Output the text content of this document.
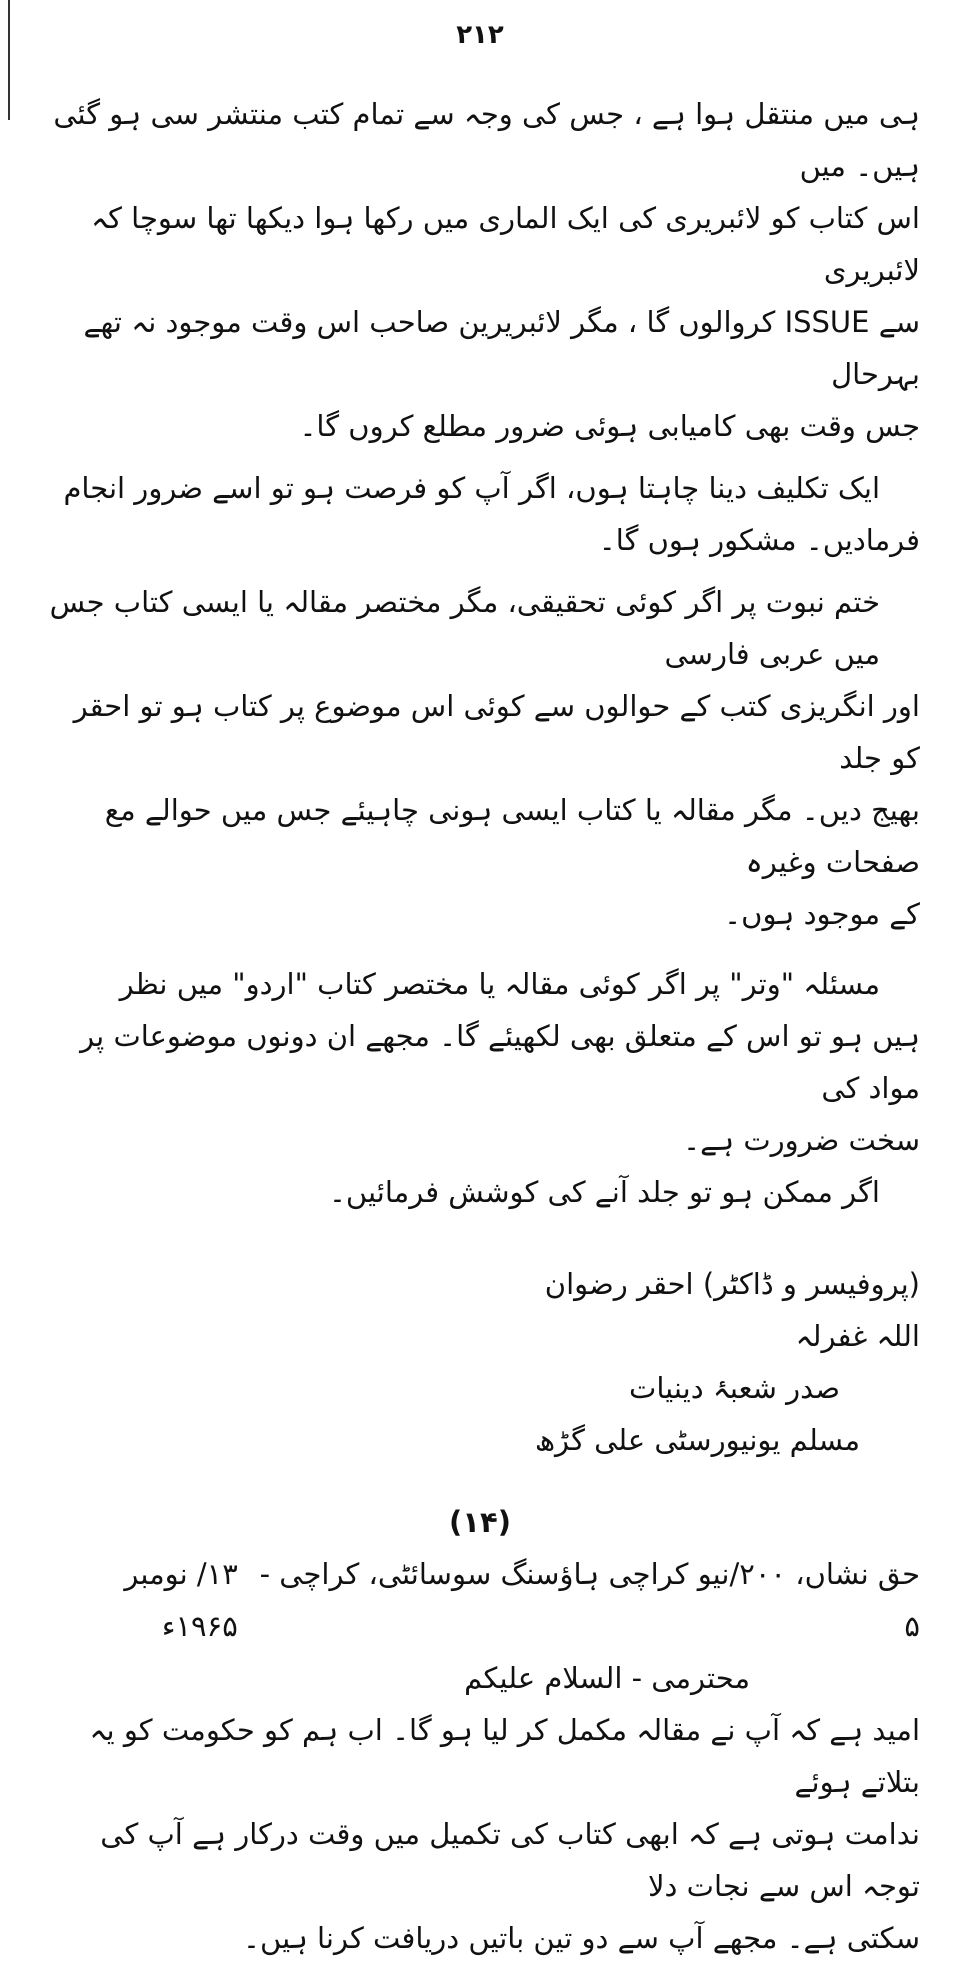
۲۱۲

ہی میں منتقل ہوا ہے ، جس کی وجہ سے تمام کتب منتشر سی ہو گئی ہیں۔ میں

اس کتاب کو لائبریری کی ایک الماری میں رکھا ہوا دیکھا تھا سوچا کہ لائبریری

سے ISSUE کروالوں گا ، مگر لائبریرین صاحب اس وقت موجود نہ تھے بہرحال

جس وقت بھی کامیابی ہوئی ضرور مطلع کروں گا۔

ایک تکلیف دینا چاہتا ہوں، اگر آپ کو فرصت ہو تو اسے ضرور انجام

فرمادیں۔ مشکور ہوں گا۔

ختم نبوت پر اگر کوئی تحقیقی، مگر مختصر مقالہ یا ایسی کتاب جس میں عربی فارسی

اور انگریزی کتب کے حوالوں سے کوئی اس موضوع پر کتاب ہو تو احقر کو جلد

بھیج دیں۔ مگر مقالہ یا کتاب ایسی ہونی چاہیئے جس میں حوالے مع صفحات وغیرہ

کے موجود ہوں۔

مسئلہ "وتر" پر اگر کوئی مقالہ یا مختصر کتاب "اردو" میں نظر

ہیں ہو تو اس کے متعلق بھی لکھیئے گا۔ مجھے ان دونوں موضوعات پر مواد کی

سخت ضرورت ہے۔

اگر ممکن ہو تو جلد آنے کی کوشش فرمائیں۔

(پروفیسر و ڈاکٹر) احقر رضوان اللہ غفرلہ

صدر شعبۂ دینیات

مسلم یونیورسٹی علی گڑھ

(۱۴)

حق نشاں، ۲۰۰/نیو کراچی ہاؤسنگ سوسائٹی، کراچی - ۵
۱۳/ نومبر ۱۹۶۵ء

محترمی - السلام علیکم

امید ہے کہ آپ نے مقالہ مکمل کر لیا ہو گا۔ اب ہم کو حکومت کو یہ بتلاتے ہوئے

ندامت ہوتی ہے کہ ابھی کتاب کی تکمیل میں وقت درکار ہے آپ کی توجہ اس سے نجات دلا

سکتی ہے۔ مجھے آپ سے دو تین باتیں دریافت کرنا ہیں۔
